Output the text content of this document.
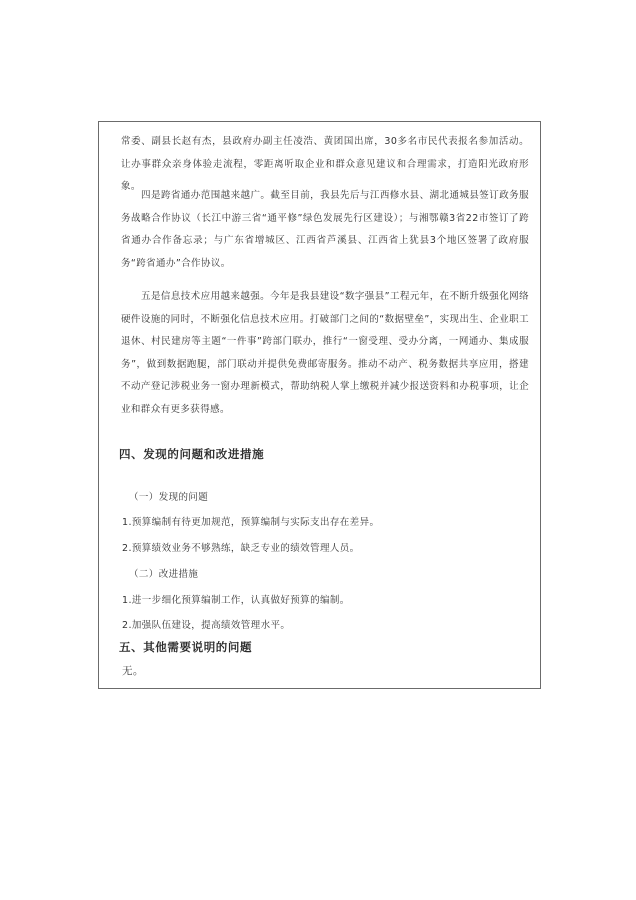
常委、副县长赵有杰，县政府办副主任凌浩、黄团国出席，30多名市民代表报名参加活动。让办事群众亲身体验走流程，零距离听取企业和群众意见建议和合理需求，打造阳光政府形象。

四是跨省通办范围越来越广。截至目前，我县先后与江西修水县、湖北通城县签订政务服务战略合作协议（长江中游三省“通平修”绿色发展先行区建设）；与湘鄂赣3省22市签订了跨省通办合作备忘录；与广东省增城区、江西省芦溪县、江西省上犹县3个地区签署了政府服务“跨省通办”合作协议。

五是信息技术应用越来越强。今年是我县建设“数字强县”工程元年，在不断升级强化网络硬件设施的同时，不断强化信息技术应用。打破部门之间的“数据壁垒”，实现出生、企业职工退休、村民建房等主题“一件事”跨部门联办，推行“一窗受理、受办分离，一网通办、集成服务”，做到数据跑腿，部门联动并提供免费邮寄服务。推动不动产、税务数据共享应用，搭建不动产登记涉税业务一窗办理新模式，帮助纳税人掌上缴税并减少报送资料和办税事项，让企业和群众有更多获得感。

四、发现的问题和改进措施

（一）发现的问题

1.预算编制有待更加规范，预算编制与实际支出存在差异。

2.预算绩效业务不够熟练，缺乏专业的绩效管理人员。

（二）改进措施

1.进一步细化预算编制工作，认真做好预算的编制。

2.加强队伍建设，提高绩效管理水平。

五、其他需要说明的问题

无。
